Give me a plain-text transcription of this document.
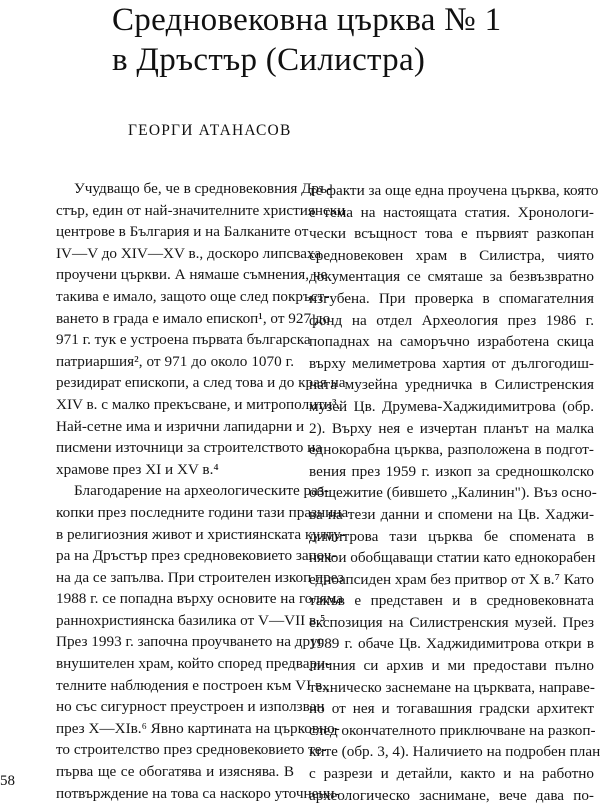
Средновековна църква № 1
в Дръстър (Силистра)
ГЕОРГИ АТАНАСОВ
Учудващо бе, че в средновековния Дръ-
стър, един от най-значителните християнски
центрове в България и на Балканите от
IV—V до XIV—XV в., доскоро липсваха
проучени църкви. А нямаше съмнения, че
такива е имало, защото още след покръст-
ването в града е имало епископ¹, от 927 до
971 г. тук е устроена първата българска
патриаршия², от 971 до около 1070 г.
резидират епископи, а след това и до края на
XIV в. с малко прекъсване, и митрополити³.
Най-сетне има и изрични лапидарни и
писмени източници за строителството на
храмове през XI и XV в.⁴
Благодарение на археологическите раз-
копки през последните години тази празнина
в религиозния живот и християнската култу-
ра на Дръстър през средновековието започ-
на да се запълва. При строителен изкоп през
1988 г. се попадна върху основите на голяма
раннохристиянска базилика от V—VII в.⁵
През 1993 г. започна проучването на друг
внушителен храм, който според предвари-
телните наблюдения е построен към VI в.,
но със сигурност преустроен и използван
през X—XIв.⁶ Явно картината на църковно-
то строителство през средновековието те-
първа ще се обогатява и изяснява. В
потвърждение на това са наскоро уточнени-
те факти за още една проучена църква, която
е тема на настоящата статия. Хронологи-
чески всъщност това е първият разкопан
средновековен храм в Силистра, чиято
документация се смяташе за безвъзвратно
изгубена. При проверка в спомагателния
фонд на отдел Археология през 1986 г.
попаднах на саморъчно изработена скица
върху мелиметрова хартия от дългогодиш-
ната музейна уредничка в Силистренския
музей Цв. Друмева-Хаджидимитрова (обр.
2). Върху нея е изчертан планът на малка
еднокорабна църква, разположена в подгот-
вения през 1959 г. изкоп за средношколско
общежитие (бившето „Калинин"). Въз осно-
ва на тези данни и спомени на Цв. Хаджи-
димитрова тази църква бе спомената в
някои обобщаващи статии като еднокорабен
едноапсиден храм без притвор от X в.⁷ Като
такъв е представен и в средновековната
експозиция на Силистренския музей. През
1989 г. обаче Цв. Хаджидимитрова откри в
личния си архив и ми предостави пълно
техническо заснемане на църквата, направе-
но от нея и тогавашния градски архитект
след окончателното приключване на разкоп-
ките (обр. 3, 4). Наличието на подробен план
с разрези и детайли, както и на работно
археологическо заснимане, вече дава по-
58
